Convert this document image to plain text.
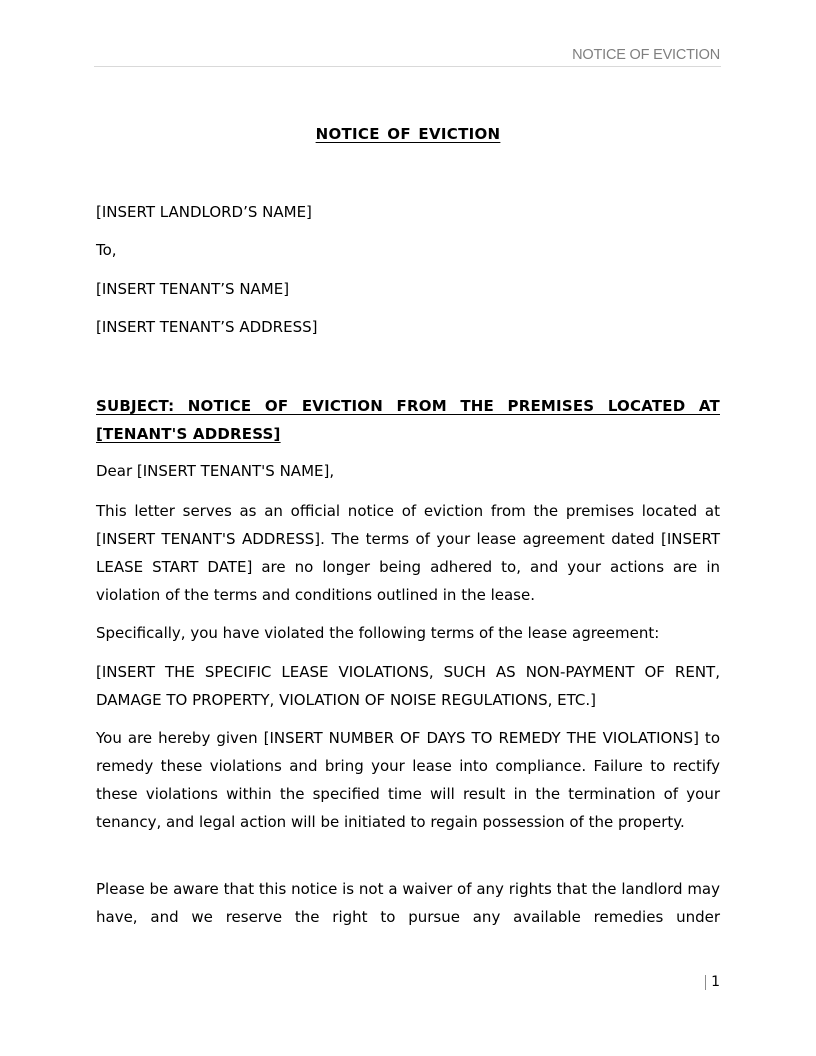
NOTICE OF EVICTION
NOTICE OF EVICTION
[INSERT LANDLORD’S NAME]
To,
[INSERT TENANT’S NAME]
[INSERT TENANT’S ADDRESS]
SUBJECT: NOTICE OF EVICTION FROM THE PREMISES LOCATED AT [TENANT'S ADDRESS]
Dear [INSERT TENANT'S NAME],

This letter serves as an official notice of eviction from the premises located at [INSERT TENANT'S ADDRESS]. The terms of your lease agreement dated [INSERT LEASE START DATE] are no longer being adhered to, and your actions are in violation of the terms and conditions outlined in the lease.

Specifically, you have violated the following terms of the lease agreement:

[INSERT THE SPECIFIC LEASE VIOLATIONS, SUCH AS NON-PAYMENT OF RENT, DAMAGE TO PROPERTY, VIOLATION OF NOISE REGULATIONS, ETC.]

You are hereby given [INSERT NUMBER OF DAYS TO REMEDY THE VIOLATIONS] to remedy these violations and bring your lease into compliance. Failure to rectify these violations within the specified time will result in the termination of your tenancy, and legal action will be initiated to regain possession of the property.

Please be aware that this notice is not a waiver of any rights that the landlord may have, and we reserve the right to pursue any available remedies under

1
